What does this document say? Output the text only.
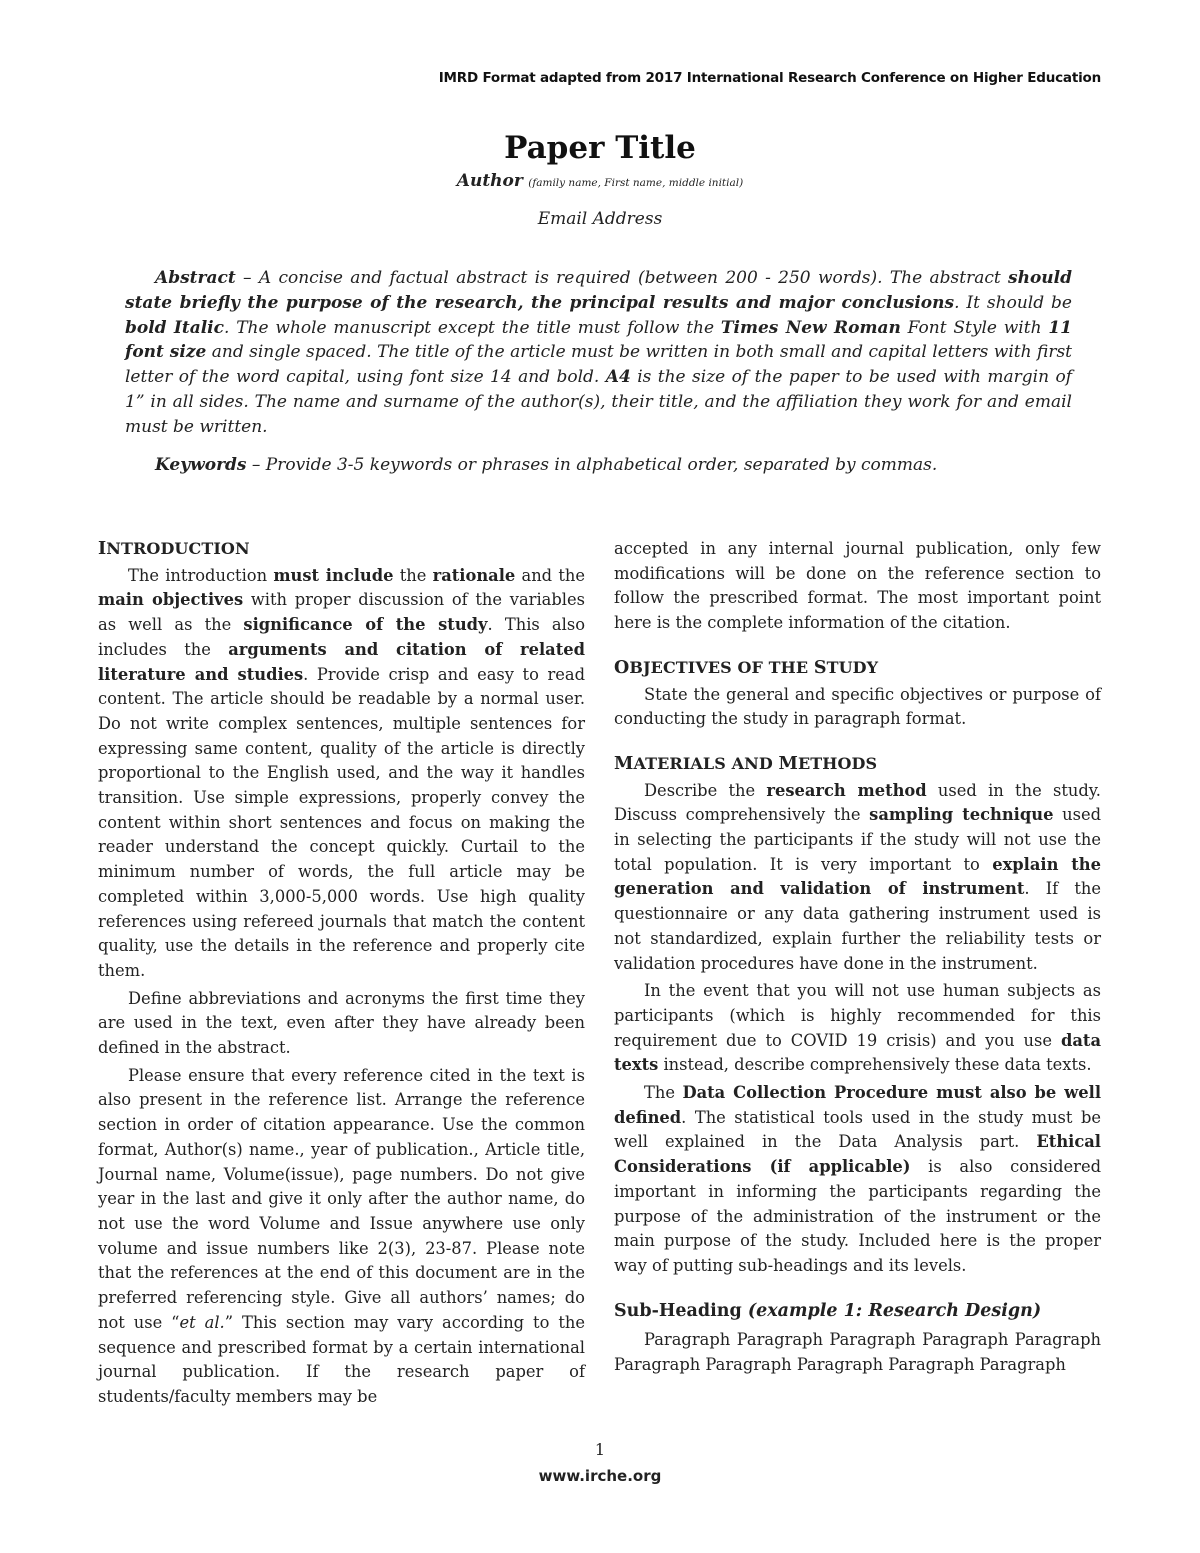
IMRD Format adapted from 2017 International Research Conference on Higher Education
Paper Title
Author (family name, First name, middle initial)
Email Address

Abstract – A concise and factual abstract is required (between 200 - 250 words). The abstract should state briefly the purpose of the research, the principal results and major conclusions. It should be bold Italic. The whole manuscript except the title must follow the Times New Roman Font Style with 11 font size and single spaced. The title of the article must be written in both small and capital letters with first letter of the word capital, using font size 14 and bold. A4 is the size of the paper to be used with margin of 1” in all sides. The name and surname of the author(s), their title, and the affiliation they work for and email must be written.

Keywords – Provide 3-5 keywords or phrases in alphabetical order, separated by commas.

INTRODUCTION

The introduction must include the rationale and the main objectives with proper discussion of the variables as well as the significance of the study. This also includes the arguments and citation of related literature and studies. Provide crisp and easy to read content. The article should be readable by a normal user. Do not write complex sentences, multiple sentences for expressing same content, quality of the article is directly proportional to the English used, and the way it handles transition. Use simple expressions, properly convey the content within short sentences and focus on making the reader understand the concept quickly. Curtail to the minimum number of words, the full article may be completed within 3,000-5,000 words. Use high quality references using refereed journals that match the content quality, use the details in the reference and properly cite them.

Define abbreviations and acronyms the first time they are used in the text, even after they have already been defined in the abstract.

Please ensure that every reference cited in the text is also present in the reference list. Arrange the reference section in order of citation appearance. Use the common format, Author(s) name., year of publication., Article title, Journal name, Volume(issue), page numbers. Do not give year in the last and give it only after the author name, do not use the word Volume and Issue anywhere use only volume and issue numbers like 2(3), 23-87. Please note that the references at the end of this document are in the preferred referencing style. Give all authors’ names; do not use “et al.” This section may vary according to the sequence and prescribed format by a certain international journal publication. If the research paper of students/faculty members may be

accepted in any internal journal publication, only few modifications will be done on the reference section to follow the prescribed format. The most important point here is the complete information of the citation.

OBJECTIVES OF THE STUDY

State the general and specific objectives or purpose of conducting the study in paragraph format.

MATERIALS AND METHODS

Describe the research method used in the study. Discuss comprehensively the sampling technique used in selecting the participants if the study will not use the total population. It is very important to explain the generation and validation of instrument. If the questionnaire or any data gathering instrument used is not standardized, explain further the reliability tests or validation procedures have done in the instrument.

In the event that you will not use human subjects as participants (which is highly recommended for this requirement due to COVID 19 crisis) and you use data texts instead, describe comprehensively these data texts.

The Data Collection Procedure must also be well defined. The statistical tools used in the study must be well explained in the Data Analysis part. Ethical Considerations (if applicable) is also considered important in informing the participants regarding the purpose of the administration of the instrument or the main purpose of the study. Included here is the proper way of putting sub-headings and its levels.

Sub-Heading (example 1: Research Design)

Paragraph Paragraph Paragraph Paragraph Paragraph Paragraph Paragraph Paragraph Paragraph Paragraph

1
www.irche.org
